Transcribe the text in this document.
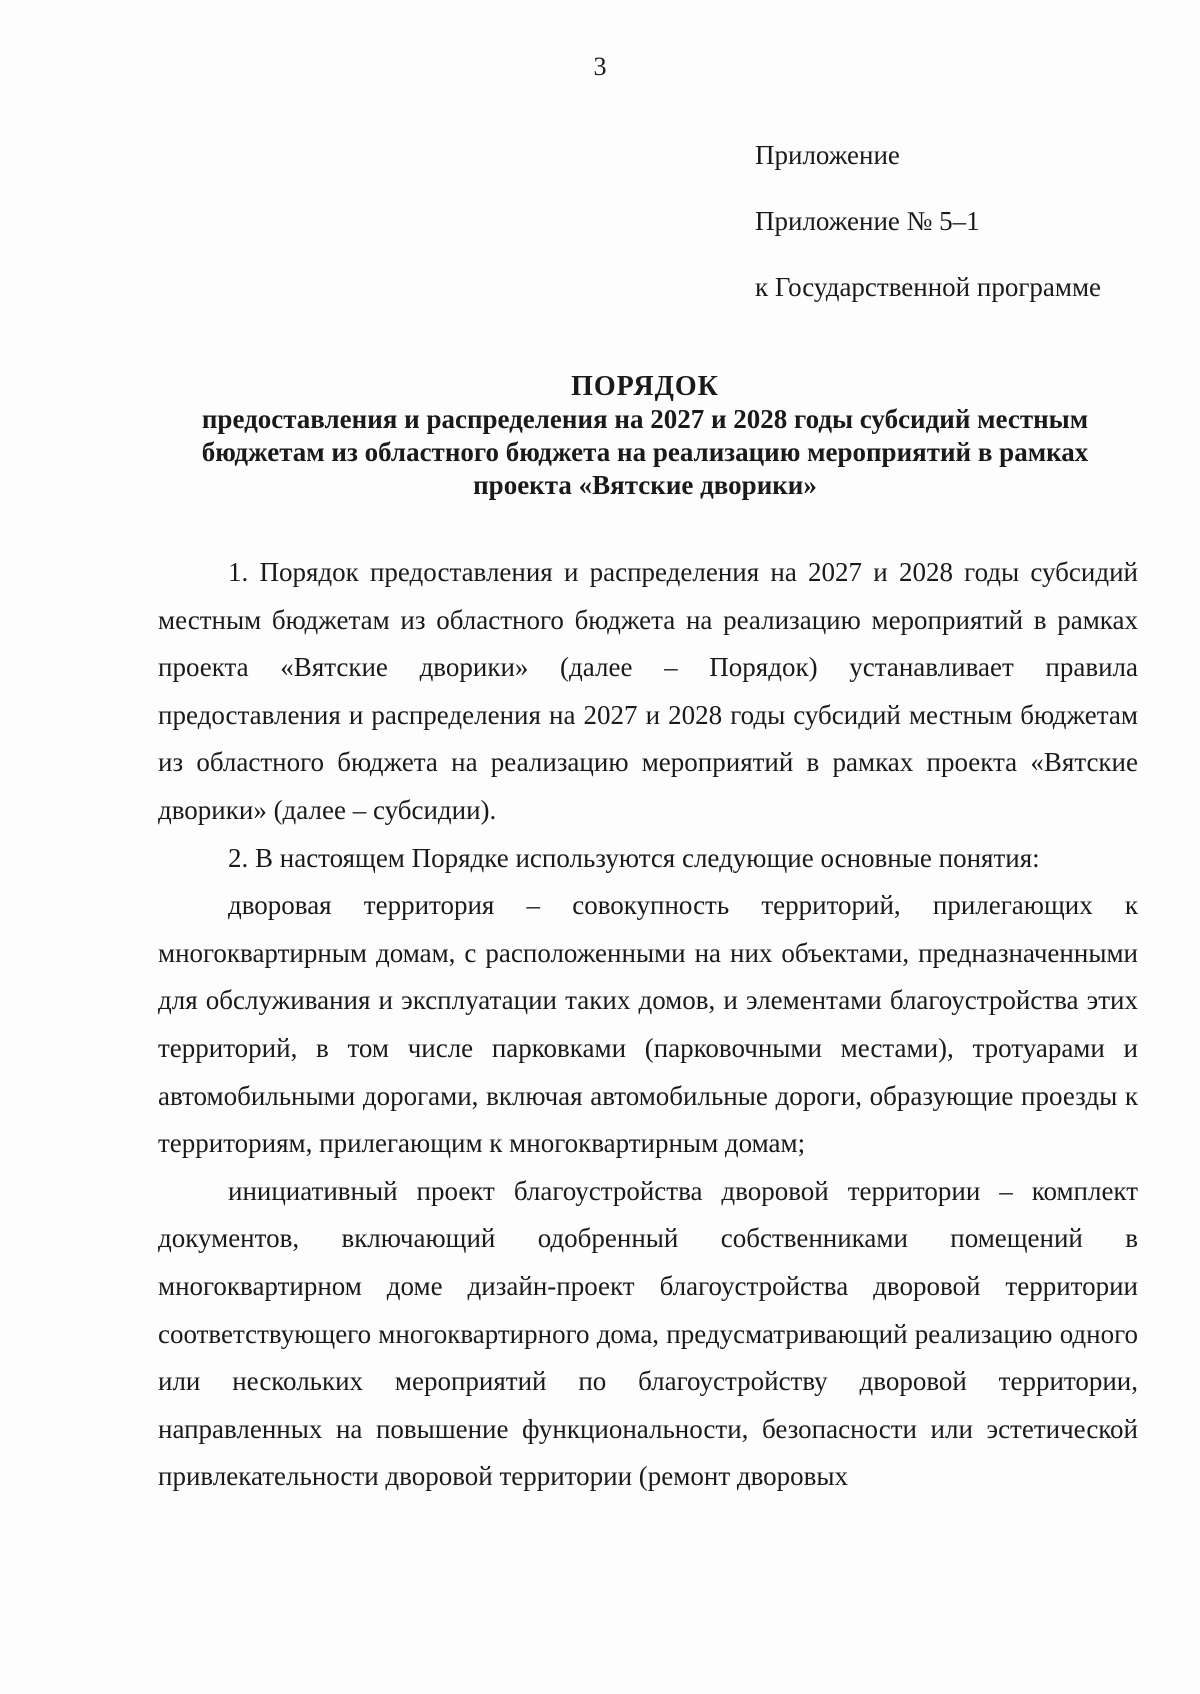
3
Приложение
Приложение № 5–1
к Государственной программе
ПОРЯДОК
предоставления и распределения на 2027 и 2028 годы субсидий местным
бюджетам из областного бюджета на реализацию мероприятий в рамках
проекта «Вятские дворики»

1. Порядок предоставления и распределения на 2027 и 2028 годы субсидий местным бюджетам из областного бюджета на реализацию мероприятий в рамках проекта «Вятские дворики» (далее – Порядок) устанавливает правила предоставления и распределения на 2027 и 2028 годы субсидий местным бюджетам из областного бюджета на реализацию мероприятий в рамках проекта «Вятские дворики» (далее – субсидии).

2. В настоящем Порядке используются следующие основные понятия:

дворовая территория – совокупность территорий, прилегающих к многоквартирным домам, с расположенными на них объектами, предназначенными для обслуживания и эксплуатации таких домов, и элементами благоустройства этих территорий, в том числе парковками (парковочными местами), тротуарами и автомобильными дорогами, включая автомобильные дороги, образующие проезды к территориям, прилегающим к многоквартирным домам;

инициативный проект благоустройства дворовой территории – комплект документов, включающий одобренный собственниками помещений в многоквартирном доме дизайн-проект благоустройства дворовой территории соответствующего многоквартирного дома, предусматривающий реализацию одного или нескольких мероприятий по благоустройству дворовой территории, направленных на повышение функциональности, безопасности или эстетической привлекательности дворовой территории (ремонт дворовых
